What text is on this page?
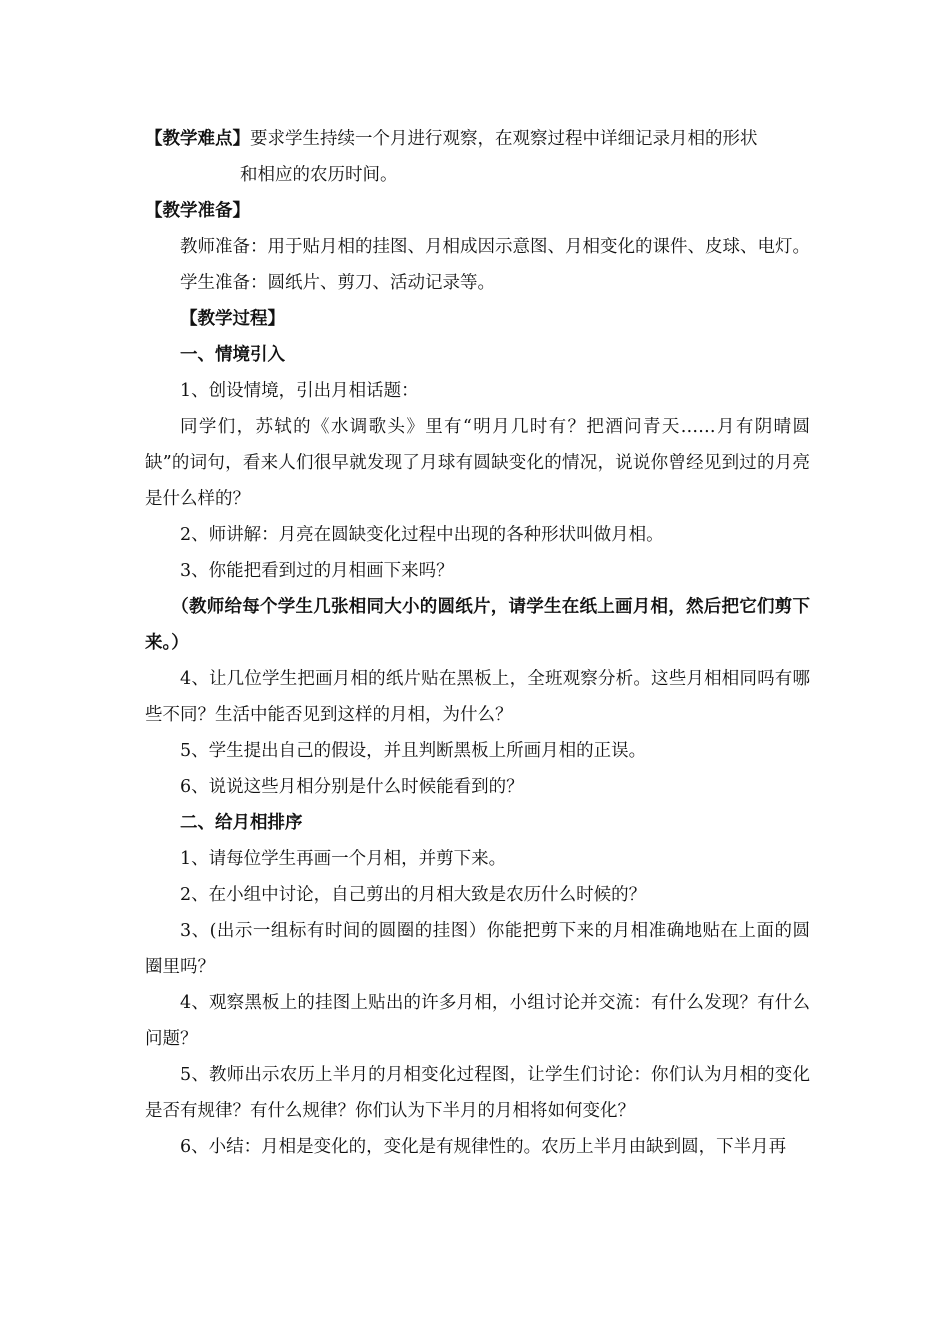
【教学难点】要求学生持续一个月进行观察，在观察过程中详细记录月相的形状

和相应的农历时间。

【教学准备】

教师准备：用于贴月相的挂图、月相成因示意图、月相变化的课件、皮球、电灯。

学生准备：圆纸片、剪刀、活动记录等。

【教学过程】

一、情境引入

1、创设情境，引出月相话题：

同学们，苏轼的《水调歌头》里有“明月几时有？把酒问青天……月有阴晴圆缺”的词句，看来人们很早就发现了月球有圆缺变化的情况，说说你曾经见到过的月亮是什么样的？

2、师讲解：月亮在圆缺变化过程中出现的各种形状叫做月相。

3、你能把看到过的月相画下来吗？

（教师给每个学生几张相同大小的圆纸片，请学生在纸上画月相，然后把它们剪下来。）

4、让几位学生把画月相的纸片贴在黑板上，全班观察分析。这些月相相同吗有哪些不同？生活中能否见到这样的月相，为什么？

5、学生提出自己的假设，并且判断黑板上所画月相的正误。

6、说说这些月相分别是什么时候能看到的？

二、给月相排序

1、请每位学生再画一个月相，并剪下来。

2、在小组中讨论，自己剪出的月相大致是农历什么时候的？

3、(出示一组标有时间的圆圈的挂图）你能把剪下来的月相准确地贴在上面的圆圈里吗？

4、观察黑板上的挂图上贴出的许多月相，小组讨论并交流：有什么发现？有什么问题？

5、教师出示农历上半月的月相变化过程图，让学生们讨论：你们认为月相的变化是否有规律？有什么规律？你们认为下半月的月相将如何变化？

6、小结：月相是变化的，变化是有规律性的。农历上半月由缺到圆，下半月再
